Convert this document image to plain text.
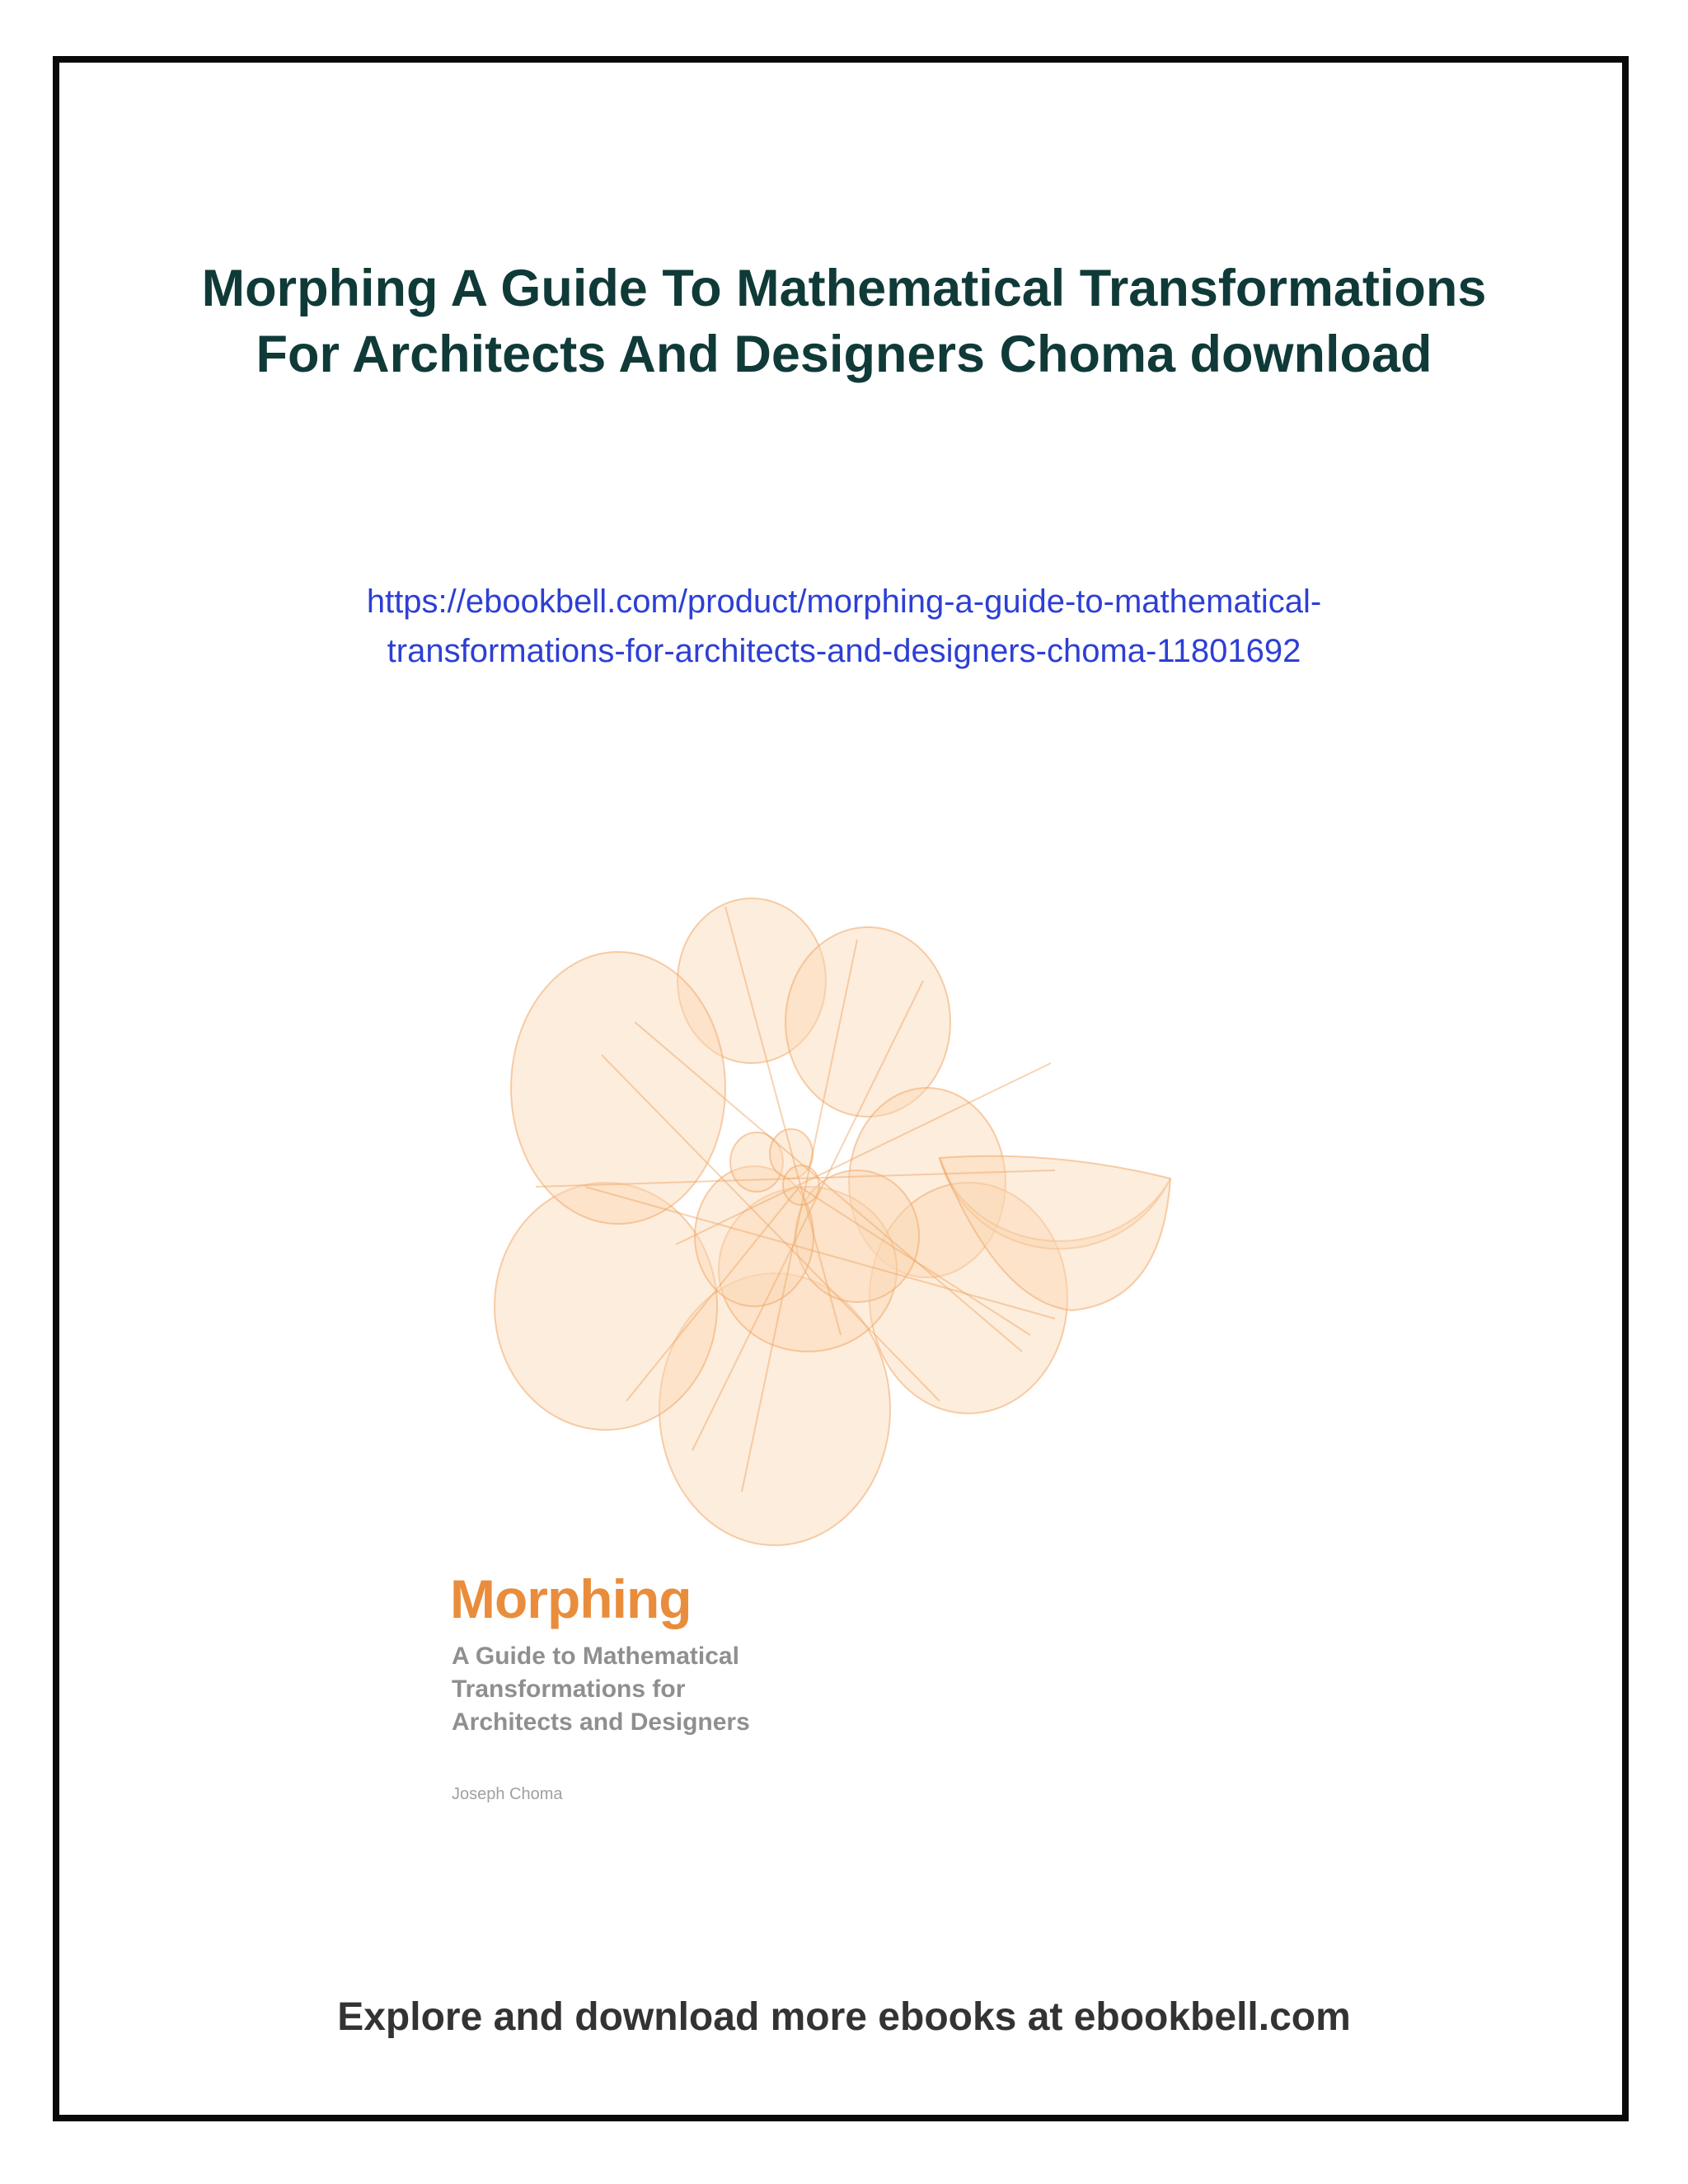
Morphing A Guide To Mathematical Transformations
For Architects And Designers Choma download
https://ebookbell.com/product/morphing-a-guide-to-mathematical-
transformations-for-architects-and-designers-choma-11801692
Morphing
A Guide to Mathematical
Transformations for
Architects and Designers
Joseph Choma
Explore and download more ebooks at ebookbell.com
